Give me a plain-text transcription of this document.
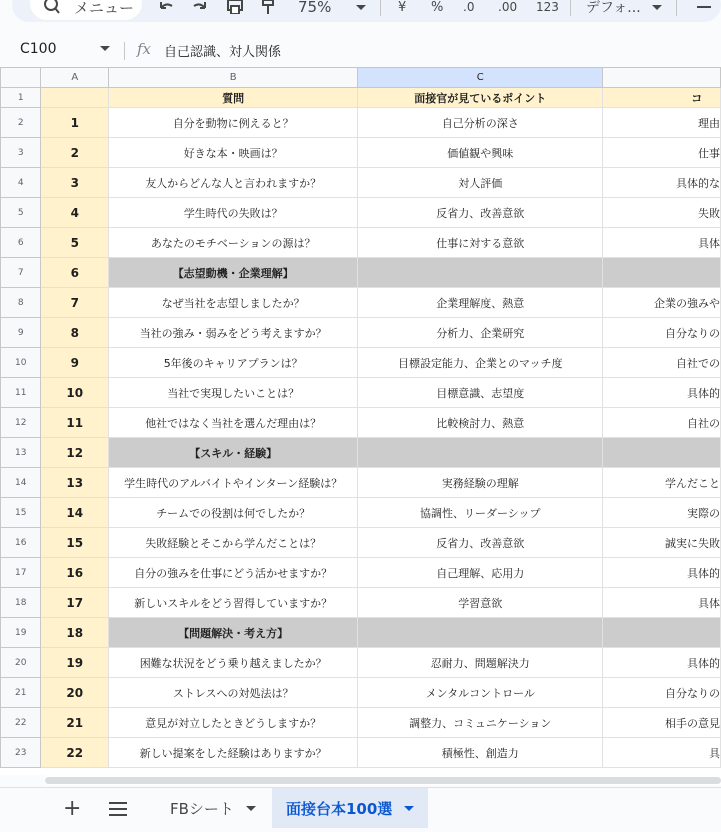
メニュー	75%	¥ % .0 .00 123 デフォ...
C100	fx 自己認識、対人関係
	A	B	C	
1		質問	面接官が見ているポイント	コ
2	1	自分を動物に例えると？	自己分析の深さ	理由
3	2	好きな本・映画は？	価値観や興味	仕事
4	3	友人からどんな人と言われますか？	対人評価	具体的な
5	4	学生時代の失敗は？	反省力、改善意欲	失敗
6	5	あなたのモチベーションの源は？	仕事に対する意欲	具体
7	6	【志望動機・企業理解】		
8	7	なぜ当社を志望しましたか？	企業理解度、熱意	企業の強みや
9	8	当社の強み・弱みをどう考えますか？	分析力、企業研究	自分なりの
10	9	5年後のキャリアプランは？	目標設定能力、企業とのマッチ度	自社での
11	10	当社で実現したいことは？	目標意識、志望度	具体的
12	11	他社ではなく当社を選んだ理由は？	比較検討力、熱意	自社の
13	12	【スキル・経験】		
14	13	学生時代のアルバイトやインターン経験は？	実務経験の理解	学んだこと
15	14	チームでの役割は何でしたか？	協調性、リーダーシップ	実際の
16	15	失敗経験とそこから学んだことは？	反省力、改善意欲	誠実に失敗
17	16	自分の強みを仕事にどう活かせますか？	自己理解、応用力	具体的
18	17	新しいスキルをどう習得していますか？	学習意欲	具体
19	18	【問題解決・考え方】		
20	19	困難な状況をどう乗り越えましたか？	忍耐力、問題解決力	具体的
21	20	ストレスへの対処法は？	メンタルコントロール	自分なりの
22	21	意見が対立したときどうしますか？	調整力、コミュニケーション	相手の意見
23	22	新しい提案をした経験はありますか？	積極性、創造力	具
+	FBシート	面接台本100選
